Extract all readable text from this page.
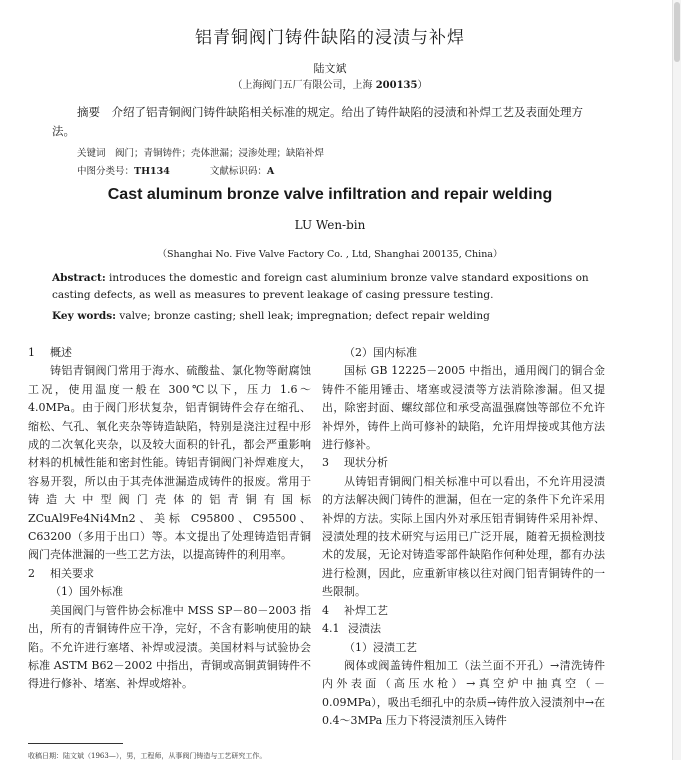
铝青铜阀门铸件缺陷的浸渍与补焊
陆文斌
（上海阀门五厂有限公司，上海 200135）
摘要　介绍了铝青铜阀门铸件缺陷相关标准的规定。给出了铸件缺陷的浸渍和补焊工艺及表面处理方法。
关键词　阀门；青铜铸件；壳体泄漏；浸渗处理；缺陷补焊
中图分类号：TH134	文献标识码：A
Cast aluminum bronze valve infiltration and repair welding
LU Wen-bin
（Shanghai No. Five Valve Factory Co. , Ltd, Shanghai 200135, China）
Abstract: introduces the domestic and foreign cast aluminium bronze valve standard expositions on casting defects, as well as measures to prevent leakage of casing pressure testing.
Key words: valve; bronze casting; shell leak; impregnation; defect repair welding

1 概述

铸铝青铜阀门常用于海水、硫酸盐、氯化物等耐腐蚀工况，使用温度一般在 300℃以下，压力 1.6～4.0MPa。由于阀门形状复杂，铝青铜铸件会存在缩孔、缩松、气孔、氧化夹杂等铸造缺陷，特别是浇注过程中形成的二次氧化夹杂，以及较大面积的针孔，都会严重影响材料的机械性能和密封性能。铸铝青铜阀门补焊难度大，容易开裂，所以由于其壳体泄漏造成铸件的报废。常用于铸造大中型阀门壳体的铝青铜有国标 ZCuAl9Fe4Ni4Mn2、美标 C95800、C95500、C63200（多用于出口）等。本文提出了处理铸造铝青铜阀门壳体泄漏的一些工艺方法，以提高铸件的利用率。

2 相关要求

（1）国外标准

美国阀门与管件协会标准中 MSS SP－80－2003 指出，所有的青铜铸件应干净，完好，不含有影响使用的缺陷。不允许进行塞堵、补焊或浸渍。美国材料与试验协会标准 ASTM B62－2002 中指出，青铜或高铜黄铜铸件不得进行修补、堵塞、补焊或熔补。

（2）国内标准

国标 GB 12225－2005 中指出，通用阀门的铜合金铸件不能用锤击、堵塞或浸渍等方法消除渗漏。但又提出，除密封面、螺纹部位和承受高温强腐蚀等部位不允许补焊外，铸件上尚可修补的缺陷，允许用焊接或其他方法进行修补。

3 现状分析

从铸铝青铜阀门相关标准中可以看出，不允许用浸渍的方法解决阀门铸件的泄漏，但在一定的条件下允许采用补焊的方法。实际上国内外对承压铝青铜铸件采用补焊、浸渍处理的技术研究与运用已广泛开展，随着无损检测技术的发展，无论对铸造零部件缺陷作何种处理，都有办法进行检测，因此，应重新审核以往对阀门铝青铜铸件的一些限制。

4 补焊工艺

4.1 浸渍法

（1）浸渍工艺

阀体或阀盖铸件粗加工（法兰面不开孔）→清洗铸件内外表面（高压水枪）→真空炉中抽真空（－0.09MPa），吸出毛细孔中的杂质→铸件放入浸渍剂中→在 0.4～3MPa 压力下将浸渍剂压入铸件

收稿日期：陆文斌（1963—），男，工程师，从事阀门铸造与工艺研究工作。
